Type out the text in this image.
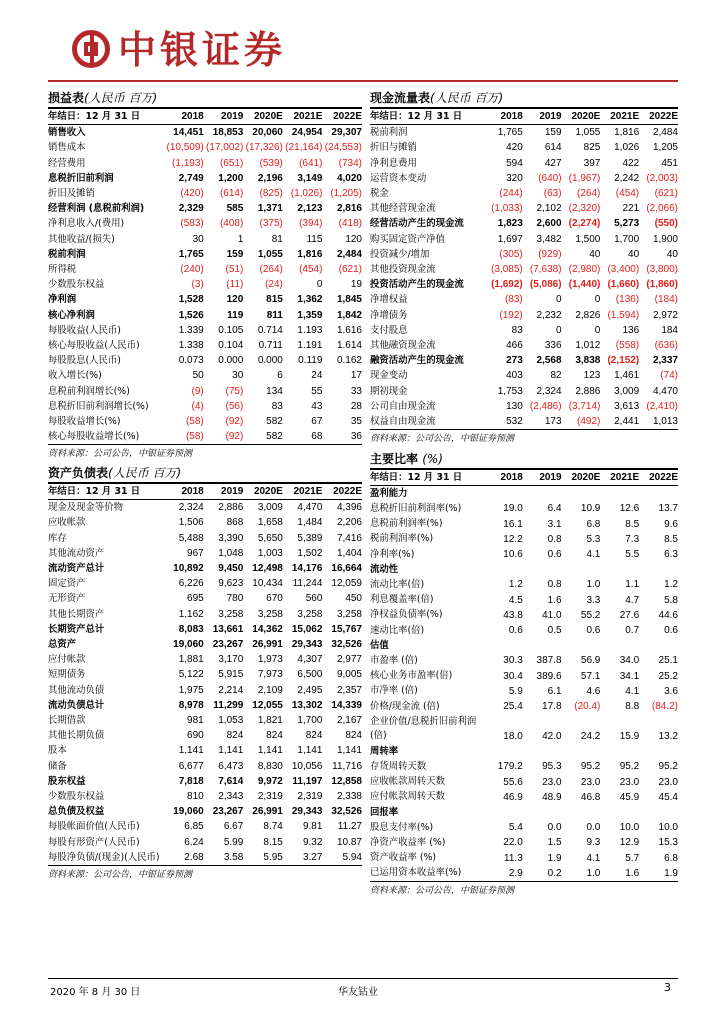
中银证券
损益表(人民币 百万)
年结日：12 月 31 日	2018	2019	2020E	2021E	2022E
销售收入	14,451	18,853	20,060	24,954	29,307
销售成本	(10,509)	(17,002)	(17,326)	(21,164)	(24,553)
经营费用	(1,193)	(651)	(539)	(641)	(734)
息税折旧前利润	2,749	1,200	2,196	3,149	4,020
折旧及摊销	(420)	(614)	(825)	(1,026)	(1,205)
经营利润 (息税前利润)	2,329	585	1,371	2,123	2,816
净利息收入/(费用)	(583)	(408)	(375)	(394)	(418)
其他收益/(损失)	30	1	81	115	120
税前利润	1,765	159	1,055	1,816	2,484
所得税	(240)	(51)	(264)	(454)	(621)
少数股东权益	(3)	(11)	(24)	0	19
净利润	1,528	120	815	1,362	1,845
核心净利润	1,526	119	811	1,359	1,842
每股收益(人民币)	1.339	0.105	0.714	1.193	1.616
核心每股收益(人民币)	1.338	0.104	0.711	1.191	1.614
每股股息(人民币)	0.073	0.000	0.000	0.119	0.162
收入增长(%)	50	30	6	24	17
息税前利润增长(%)	(9)	(75)	134	55	33
息税折旧前利润增长(%)	(4)	(56)	83	43	28
每股收益增长(%)	(58)	(92)	582	67	35
核心每股收益增长(%)	(58)	(92)	582	68	36
资料来源：公司公告，中银证券预测
现金流量表(人民币 百万)
年结日：12 月 31 日	2018	2019	2020E	2021E	2022E
税前利润	1,765	159	1,055	1,816	2,484
折旧与摊销	420	614	825	1,026	1,205
净利息费用	594	427	397	422	451
运营资本变动	320	(640)	(1,967)	2,242	(2,003)
税金	(244)	(63)	(264)	(454)	(621)
其他经营现金流	(1,033)	2,102	(2,320)	221	(2,066)
经营活动产生的现金流	1,823	2,600	(2,274)	5,273	(550)
购买固定资产净值	1,697	3,482	1,500	1,700	1,900
投资减少/增加	(305)	(929)	40	40	40
其他投资现金流	(3,085)	(7,638)	(2,980)	(3,400)	(3,800)
投资活动产生的现金流	(1,692)	(5,086)	(1,440)	(1,660)	(1,860)
净增权益	(83)	0	0	(136)	(184)
净增债务	(192)	2,232	2,826	(1,594)	2,972
支付股息	83	0	0	136	184
其他融资现金流	466	336	1,012	(558)	(636)
融资活动产生的现金流	273	2,568	3,838	(2,152)	2,337
现金变动	403	82	123	1,461	(74)
期初现金	1,753	2,324	2,886	3,009	4,470
公司自由现金流	130	(2,486)	(3,714)	3,613	(2,410)
权益自由现金流	532	173	(492)	2,441	1,013
资料来源：公司公告，中银证券预测
资产负债表(人民币 百万)
年结日：12 月 31 日	2018	2019	2020E	2021E	2022E
现金及现金等价物	2,324	2,886	3,009	4,470	4,396
应收帐款	1,506	868	1,658	1,484	2,206
库存	5,488	3,390	5,650	5,389	7,416
其他流动资产	967	1,048	1,003	1,502	1,404
流动资产总计	10,892	9,450	12,498	14,176	16,664
固定资产	6,226	9,623	10,434	11,244	12,059
无形资产	695	780	670	560	450
其他长期资产	1,162	3,258	3,258	3,258	3,258
长期资产总计	8,083	13,661	14,362	15,062	15,767
总资产	19,060	23,267	26,991	29,343	32,526
应付帐款	1,881	3,170	1,973	4,307	2,977
短期债务	5,122	5,915	7,973	6,500	9,005
其他流动负债	1,975	2,214	2,109	2,495	2,357
流动负债总计	8,978	11,299	12,055	13,302	14,339
长期借款	981	1,053	1,821	1,700	2,167
其他长期负债	690	824	824	824	824
股本	1,141	1,141	1,141	1,141	1,141
储备	6,677	6,473	8,830	10,056	11,716
股东权益	7,818	7,614	9,972	11,197	12,858
少数股东权益	810	2,343	2,319	2,319	2,338
总负债及权益	19,060	23,267	26,991	29,343	32,526
每股帐面价值(人民币)	6.85	6.67	8.74	9.81	11.27
每股有形资产(人民币)	6.24	5.99	8.15	9.32	10.87
每股净负债/(现金)(人民币)	2.68	3.58	5.95	3.27	5.94
资料来源：公司公告，中银证券预测
主要比率 (%)
年结日：12 月 31 日	2018	2019	2020E	2021E	2022E
盈利能力					
息税折旧前利润率(%)	19.0	6.4	10.9	12.6	13.7
息税前利润率(%)	16.1	3.1	6.8	8.5	9.6
税前利润率(%)	12.2	0.8	5.3	7.3	8.5
净利率(%)	10.6	0.6	4.1	5.5	6.3
流动性					
流动比率(倍)	1.2	0.8	1.0	1.1	1.2
利息覆盖率(倍)	4.5	1.6	3.3	4.7	5.8
净权益负债率(%)	43.8	41.0	55.2	27.6	44.6
速动比率(倍)	0.6	0.5	0.6	0.7	0.6
估值					
市盈率 (倍)	30.3	387.8	56.9	34.0	25.1
核心业务市盈率(倍)	30.4	389.6	57.1	34.1	25.2
市净率 (倍)	5.9	6.1	4.6	4.1	3.6
价格/现金流 (倍)	25.4	17.8	(20.4)	8.8	(84.2)
企业价值/息税折旧前利润(倍)	18.0	42.0	24.2	15.9	13.2
周转率					
存货周转天数	179.2	95.3	95.2	95.2	95.2
应收帐款周转天数	55.6	23.0	23.0	23.0	23.0
应付帐款周转天数	46.9	48.9	46.8	45.9	45.4
回报率					
股息支付率(%)	5.4	0.0	0.0	10.0	10.0
净资产收益率 (%)	22.0	1.5	9.3	12.9	15.3
资产收益率 (%)	11.3	1.9	4.1	5.7	6.8
已运用资本收益率(%)	2.9	0.2	1.0	1.6	1.9
资料来源：公司公告，中银证券预测
2020 年 8 月 30 日	华友钴业	3
